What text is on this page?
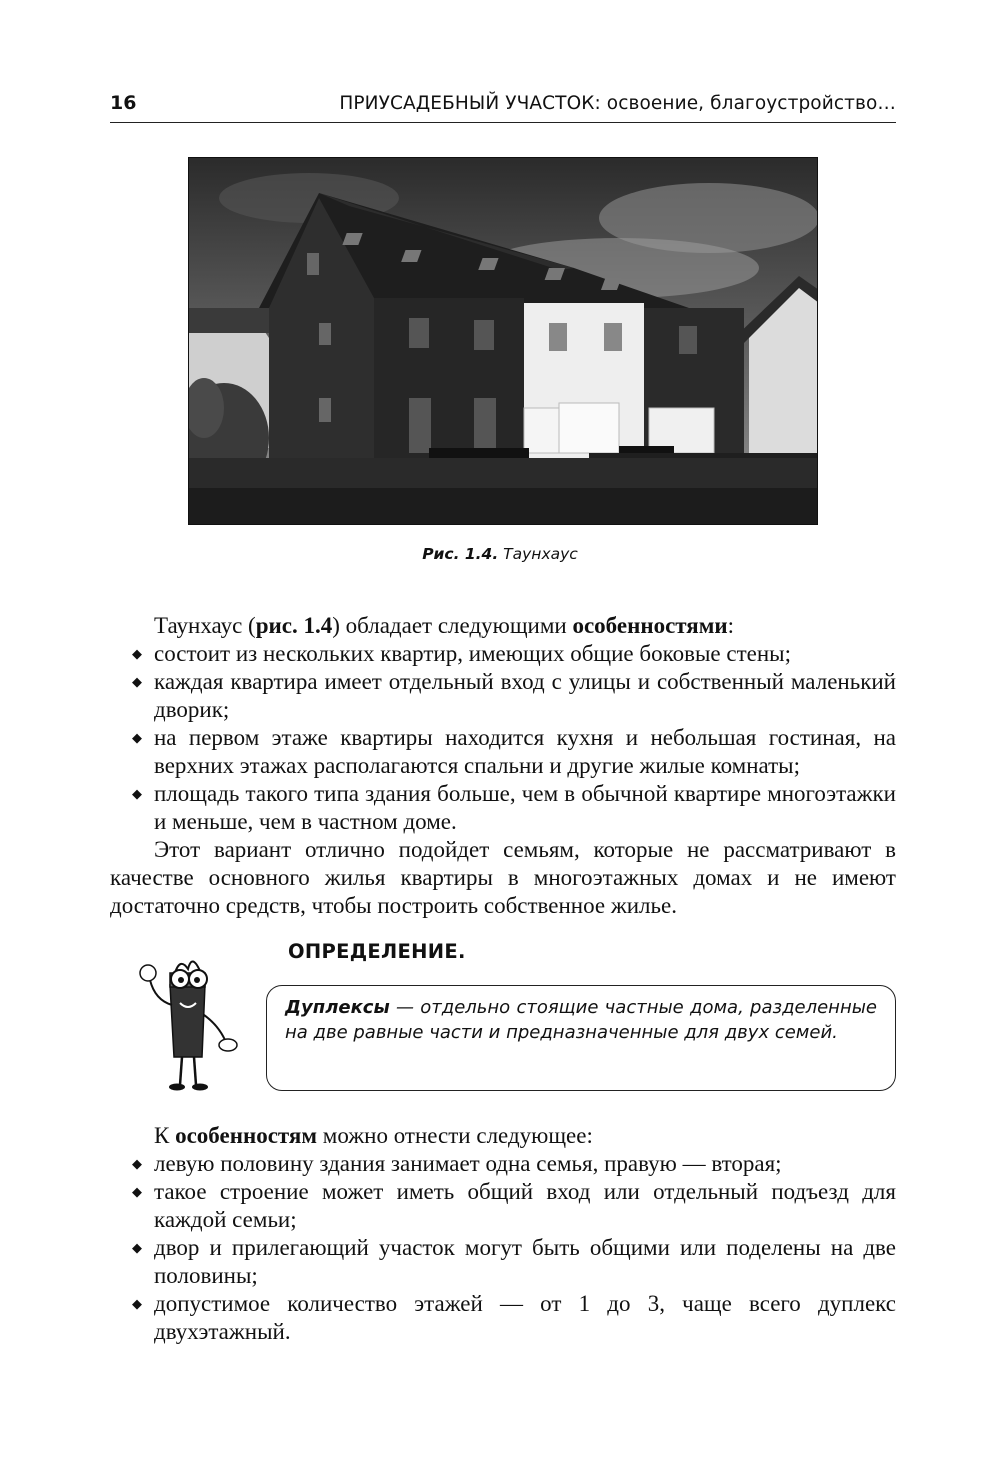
16	ПРИУСАДЕБНЫЙ УЧАСТОК: освоение, благоустройство…
Рис. 1.4. Таунхаус
Таунхаус (рис. 1.4) обладает следующими особенностями:
◆ состоит из нескольких квартир, имеющих общие боковые стены;
◆ каждая квартира имеет отдельный вход с улицы и собственный маленький дворик;
◆ на первом этаже квартиры находится кухня и небольшая гостиная, на верхних этажах располагаются спальни и другие жилые комнаты;
◆ площадь такого типа здания больше, чем в обычной квартире многоэтажки и меньше, чем в частном доме.
Этот вариант отлично подойдет семьям, которые не рассматривают в качестве основного жилья квартиры в многоэтажных домах и не имеют достаточно средств, чтобы построить собственное жилье.
ОПРЕДЕЛЕНИЕ.
Дуплексы — отдельно стоящие частные дома, разделенные на две равные части и предназначенные для двух семей.
К особенностям можно отнести следующее:
◆ левую половину здания занимает одна семья, правую — вторая;
◆ такое строение может иметь общий вход или отдельный подъезд для каждой семьи;
◆ двор и прилегающий участок могут быть общими или поделены на две половины;
◆ допустимое количество этажей — от 1 до 3, чаще всего дуплекс двухэтажный.
